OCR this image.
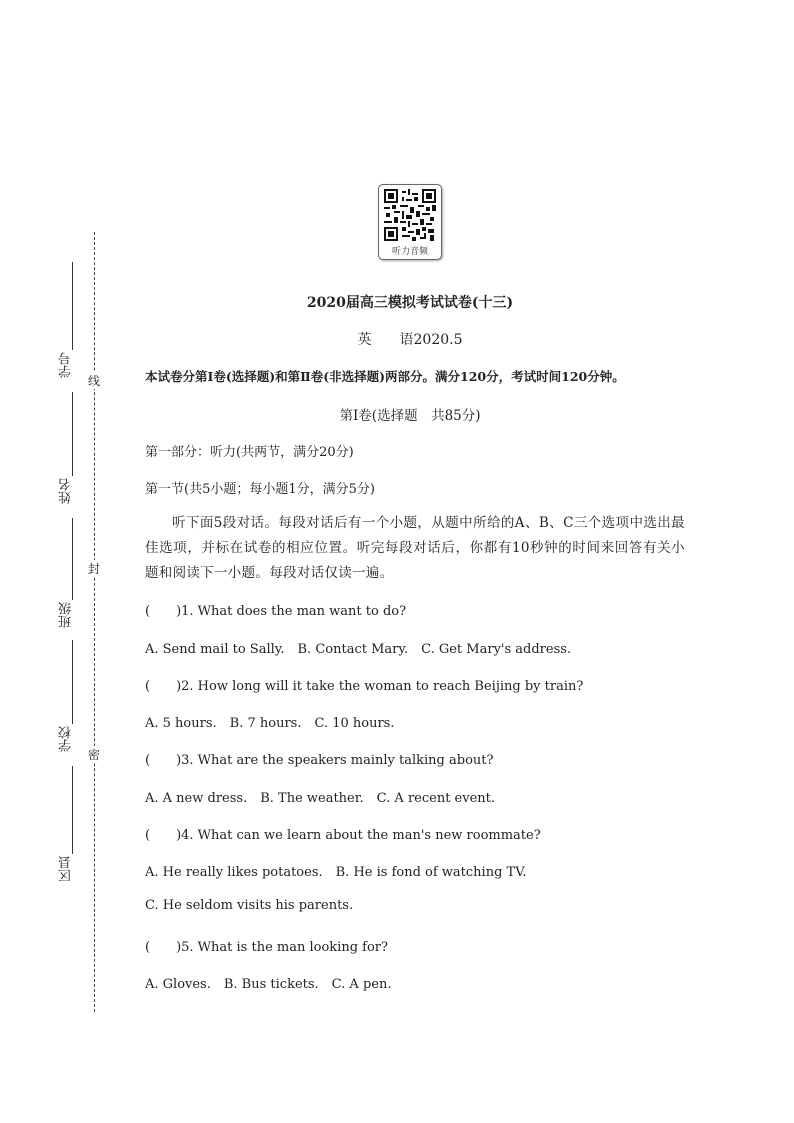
听力音频
线
封
密
学号
姓名
班级
学校
区县
2020届高三模拟考试试卷(十三)
英　　语2020.5
本试卷分第Ⅰ卷(选择题)和第Ⅱ卷(非选择题)两部分。满分120分，考试时间120分钟。
第Ⅰ卷(选择题　共85分)
第一部分：听力(共两节，满分20分)
第一节(共5小题；每小题1分，满分5分)
听下面5段对话。每段对话后有一个小题，从题中所给的A、B、C三个选项中选出最佳选项，并标在试卷的相应位置。听完每段对话后，你都有10秒钟的时间来回答有关小题和阅读下一小题。每段对话仅读一遍。
(　　)1. What does the man want to do?
A. Send mail to Sally.　B. Contact Mary.　C. Get Mary's address.
(　　)2. How long will it take the woman to reach Beijing by train?
A. 5 hours.　B. 7 hours.　C. 10 hours.
(　　)3. What are the speakers mainly talking about?
A. A new dress.　B. The weather.　C. A recent event.
(　　)4. What can we learn about the man's new roommate?
A. He really likes potatoes.　B. He is fond of watching TV.
C. He seldom visits his parents.
(　　)5. What is the man looking for?
A. Gloves.　B. Bus tickets.　C. A pen.
